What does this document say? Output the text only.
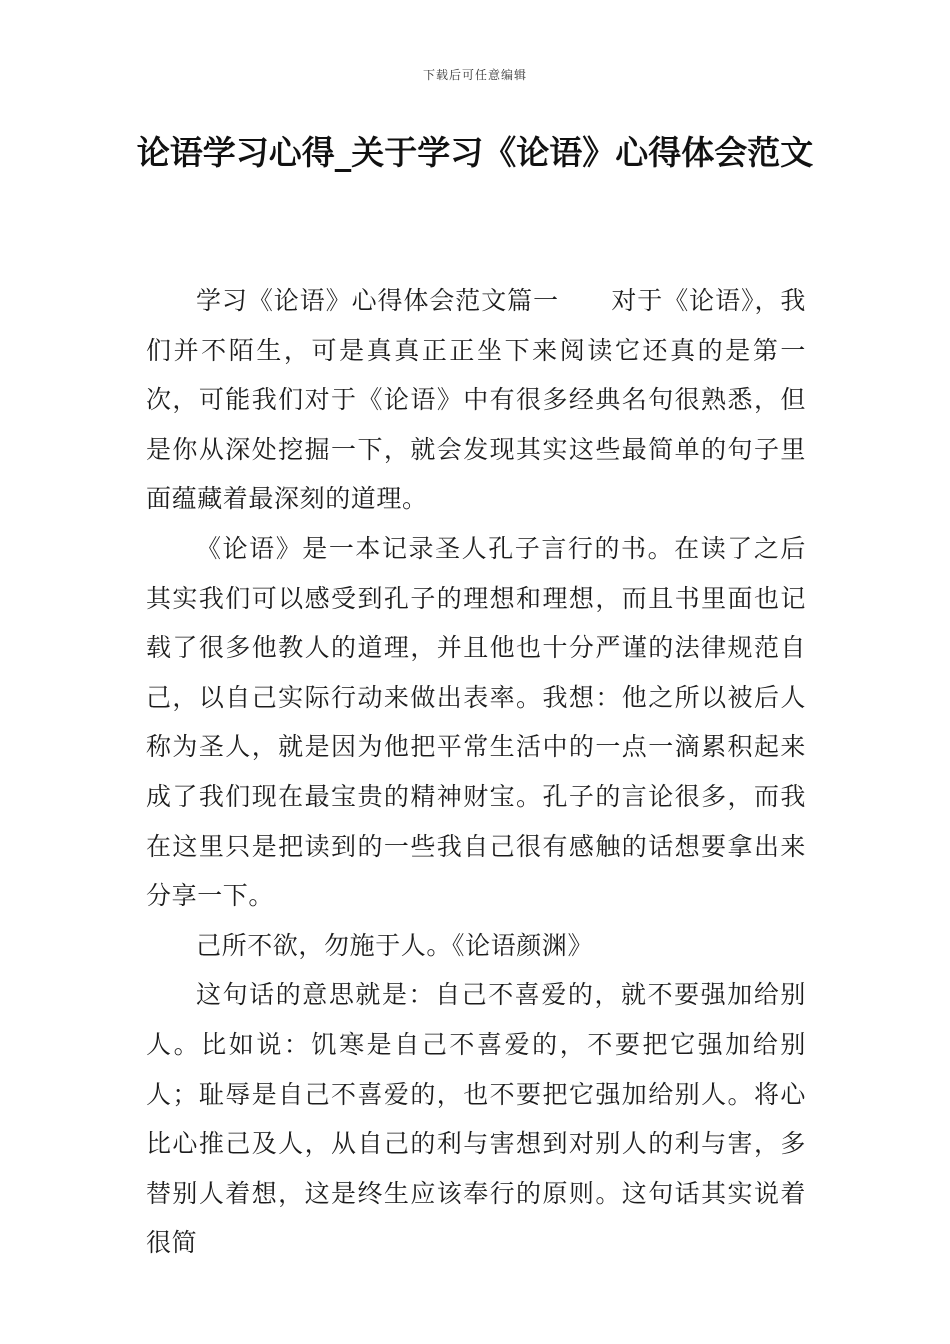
下载后可任意编辑
论语学习心得_关于学习《论语》心得体会范文

学习《论语》心得体会范文篇一 对于《论语》，我们并不陌生，可是真真正正坐下来阅读它还真的是第一次，可能我们对于《论语》中有很多经典名句很熟悉，但是你从深处挖掘一下，就会发现其实这些最简单的句子里面蕴藏着最深刻的道理。

《论语》是一本记录圣人孔子言行的书。在读了之后其实我们可以感受到孔子的理想和理想，而且书里面也记载了很多他教人的道理，并且他也十分严谨的法律规范自己，以自己实际行动来做出表率。我想：他之所以被后人称为圣人，就是因为他把平常生活中的一点一滴累积起来成了我们现在最宝贵的精神财宝。孔子的言论很多，而我在这里只是把读到的一些我自己很有感触的话想要拿出来分享一下。

己所不欲，勿施于人。《论语颜渊》

这句话的意思就是：自己不喜爱的，就不要强加给别人。比如说：饥寒是自己不喜爱的，不要把它强加给别人；耻辱是自己不喜爱的，也不要把它强加给别人。将心比心推己及人，从自己的利与害想到对别人的利与害，多替别人着想，这是终生应该奉行的原则。这句话其实说着很简
